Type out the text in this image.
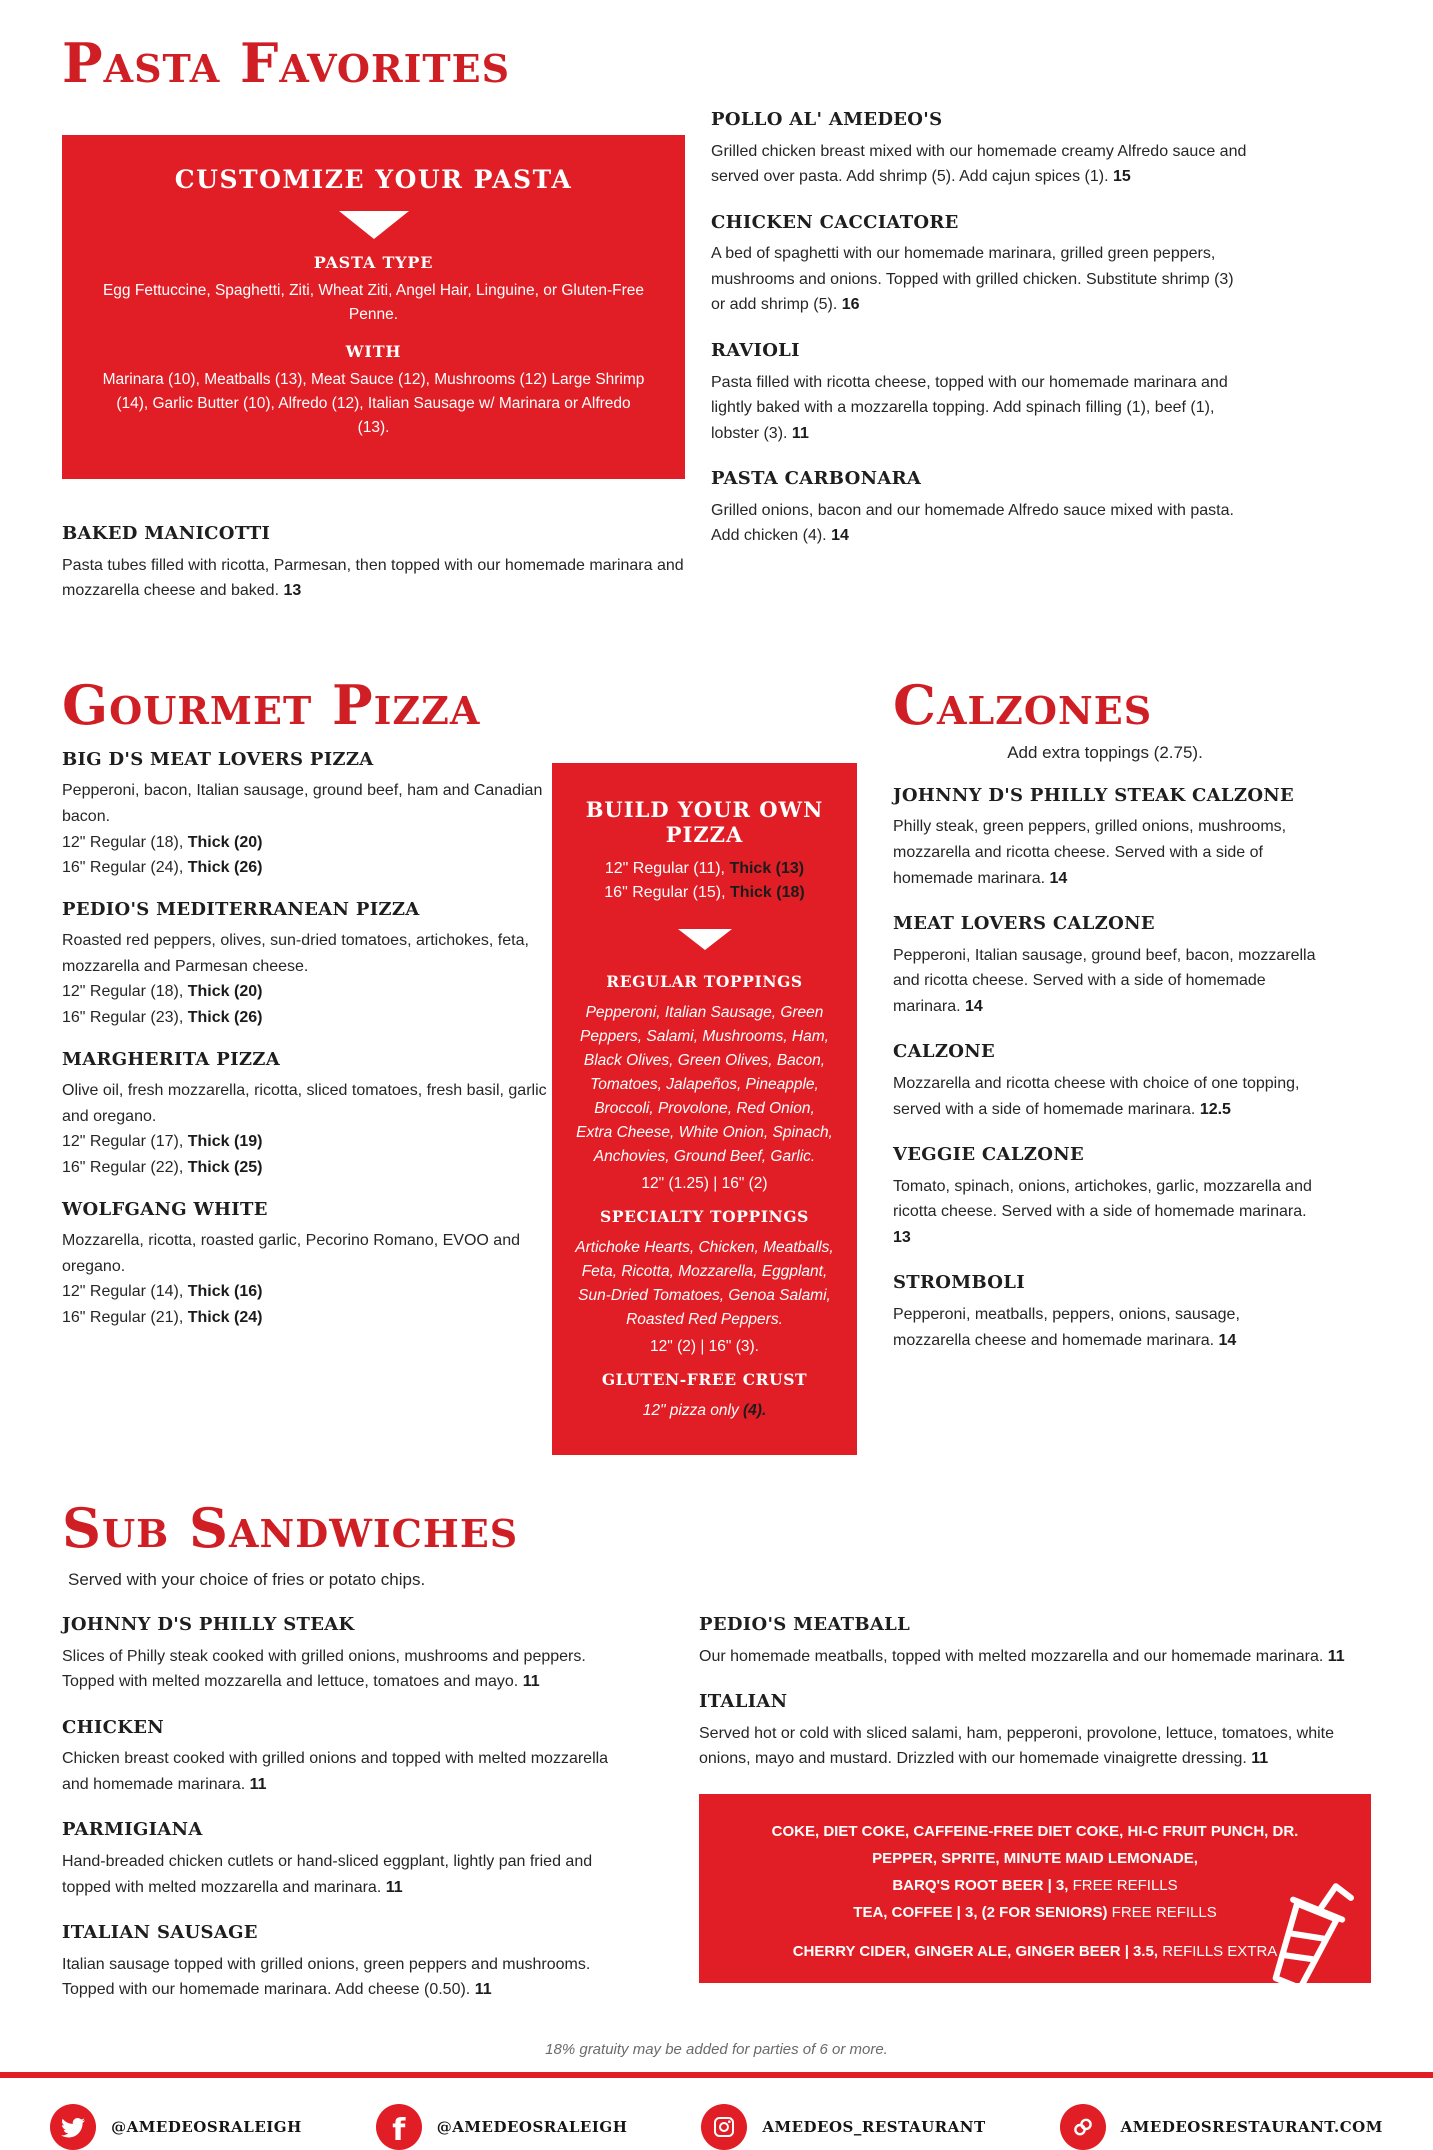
Pasta Favorites
CUSTOMIZE YOUR PASTA
PASTA TYPE

Egg Fettuccine, Spaghetti, Ziti, Wheat Ziti, Angel Hair, Linguine, or Gluten-Free Penne.

WITH

Marinara (10), Meatballs (13), Meat Sauce (12), Mushrooms (12) Large Shrimp (14), Garlic Butter (10), Alfredo (12), Italian Sausage w/ Marinara or Alfredo (13).

BAKED MANICOTTI

Pasta tubes filled with ricotta, Parmesan, then topped with our homemade marinara and mozzarella cheese and baked. 13

POLLO AL' AMEDEO'S

Grilled chicken breast mixed with our homemade creamy Alfredo sauce and served over pasta. Add shrimp (5). Add cajun spices (1). 15

CHICKEN CACCIATORE

A bed of spaghetti with our homemade marinara, grilled green peppers, mushrooms and onions. Topped with grilled chicken. Substitute shrimp (3) or add shrimp (5). 16

RAVIOLI

Pasta filled with ricotta cheese, topped with our homemade marinara and lightly baked with a mozzarella topping. Add spinach filling (1), beef (1), lobster (3). 11

PASTA CARBONARA

Grilled onions, bacon and our homemade Alfredo sauce mixed with pasta. Add chicken (4). 14

Gourmet Pizza
BIG D'S MEAT LOVERS PIZZA

Pepperoni, bacon, Italian sausage, ground beef, ham and Canadian bacon.

12" Regular (18), Thick (20)

16" Regular (24), Thick (26)

PEDIO'S MEDITERRANEAN PIZZA

Roasted red peppers, olives, sun-dried tomatoes, artichokes, feta, mozzarella and Parmesan cheese.

12" Regular (18), Thick (20)

16" Regular (23), Thick (26)

MARGHERITA PIZZA

Olive oil, fresh mozzarella, ricotta, sliced tomatoes, fresh basil, garlic and oregano.

12" Regular (17), Thick (19)

16" Regular (22), Thick (25)

WOLFGANG WHITE

Mozzarella, ricotta, roasted garlic, Pecorino Romano, EVOO and oregano.

12" Regular (14), Thick (16)

16" Regular (21), Thick (24)

BUILD YOUR OWN PIZZA
12" Regular (11), Thick (13)
16" Regular (15), Thick (18)
REGULAR TOPPINGS

Pepperoni, Italian Sausage, Green Peppers, Salami, Mushrooms, Ham, Black Olives, Green Olives, Bacon, Tomatoes, Jalapeños, Pineapple, Broccoli, Provolone, Red Onion, Extra Cheese, White Onion, Spinach, Anchovies, Ground Beef, Garlic.

12" (1.25) | 16" (2)

SPECIALTY TOPPINGS

Artichoke Hearts, Chicken, Meatballs, Feta, Ricotta, Mozzarella, Eggplant, Sun-Dried Tomatoes, Genoa Salami, Roasted Red Peppers.

12" (2) | 16" (3).

GLUTEN-FREE CRUST

12" pizza only (4).

Calzones

Add extra toppings (2.75).

JOHNNY D'S PHILLY STEAK CALZONE

Philly steak, green peppers, grilled onions, mushrooms, mozzarella and ricotta cheese. Served with a side of homemade marinara. 14

MEAT LOVERS CALZONE

Pepperoni, Italian sausage, ground beef, bacon, mozzarella and ricotta cheese. Served with a side of homemade marinara. 14

CALZONE

Mozzarella and ricotta cheese with choice of one topping, served with a side of homemade marinara. 12.5

VEGGIE CALZONE

Tomato, spinach, onions, artichokes, garlic, mozzarella and ricotta cheese. Served with a side of homemade marinara. 13

STROMBOLI

Pepperoni, meatballs, peppers, onions, sausage, mozzarella cheese and homemade marinara. 14

Sub Sandwiches

Served with your choice of fries or potato chips.

JOHNNY D'S PHILLY STEAK

Slices of Philly steak cooked with grilled onions, mushrooms and peppers. Topped with melted mozzarella and lettuce, tomatoes and mayo. 11

CHICKEN

Chicken breast cooked with grilled onions and topped with melted mozzarella and homemade marinara. 11

PARMIGIANA

Hand-breaded chicken cutlets or hand-sliced eggplant, lightly pan fried and topped with melted mozzarella and marinara. 11

ITALIAN SAUSAGE

Italian sausage topped with grilled onions, green peppers and mushrooms. Topped with our homemade marinara. Add cheese (0.50). 11

PEDIO'S MEATBALL

Our homemade meatballs, topped with melted mozzarella and our homemade marinara. 11

ITALIAN

Served hot or cold with sliced salami, ham, pepperoni, provolone, lettuce, tomatoes, white onions, mayo and mustard. Drizzled with our homemade vinaigrette dressing. 11

COKE, DIET COKE, CAFFEINE-FREE DIET COKE, HI-C FRUIT PUNCH, DR. PEPPER, SPRITE, MINUTE MAID LEMONADE,

BARQ'S ROOT BEER | 3, FREE REFILLS

TEA, COFFEE | 3, (2 FOR SENIORS) FREE REFILLS

CHERRY CIDER, GINGER ALE, GINGER BEER | 3.5, REFILLS EXTRA

18% gratuity may be added for parties of 6 or more.

@AMEDEOSRALEIGH	f @AMEDEOSRALEIGH	AMEDEOS_RESTAURANT	AMEDEOSRESTAURANT.COM
